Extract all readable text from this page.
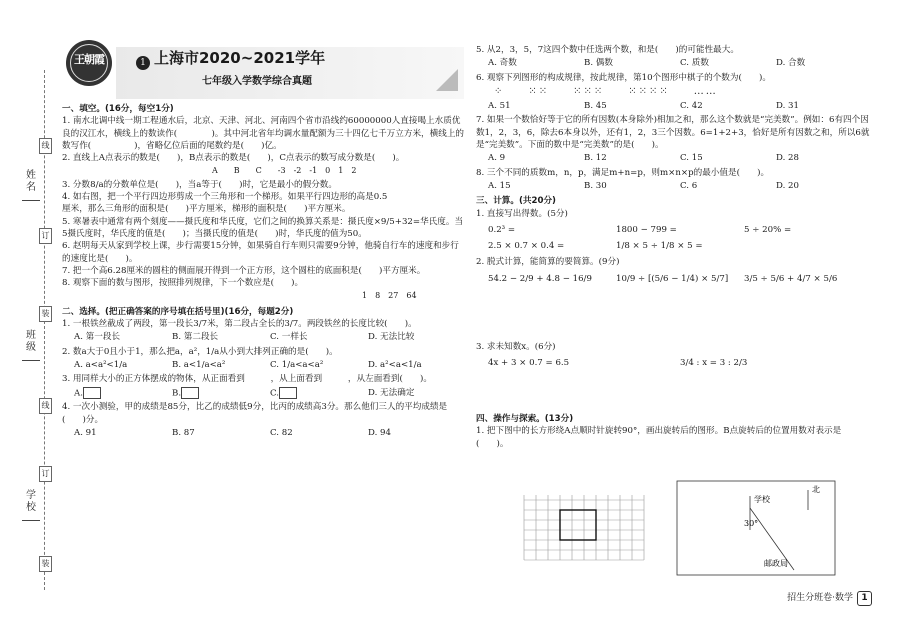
姓名
班级
学校
线
订
装
线
订
装
王朝霞	1 上海市2020~2021学年
七年级入学数学综合真题
一、填空。(16分，每空1分)

1. 南水北调中线一期工程通水后，北京、天津、河北、河南四个省市沿线约60000000人直接喝上水质优良的汉江水，横线上的数读作(　　　　)。其中河北省年均调水量配额为三十四亿七千万立方米，横线上的数写作(　　　　　)，省略亿位后面的尾数约是(　　)亿。

2. 直线上A点表示的数是(　　)，B点表示的数是(　　)，C点表示的数写成分数是(　　)。

A　　B　　C　　-3　-2　-1　0　1　2

3. 分数8/a的分数单位是(　　)，当a等于(　　)时，它是最小的假分数。

4. 如右图，把一个平行四边形剪成一个三角形和一个梯形。如果平行四边形的高是0.5厘米，那么三角形的面积是(　　)平方厘米，梯形的面积是(　　)平方厘米。

5. 寒暑表中通常有两个刻度——摄氏度和华氏度，它们之间的换算关系是：摄氏度×9/5+32=华氏度。当5摄氏度时，华氏度的值是(　　)；当摄氏度的值是(　　)时，华氏度的值为50。

6. 赵明每天从家到学校上课，步行需要15分钟，如果骑自行车则只需要9分钟，他骑自行车的速度和步行的速度比是(　　)。

7. 把一个高6.28厘米的圆柱的侧面展开得到一个正方形，这个圆柱的底面积是(　　)平方厘米。

8. 观察下面的数与图形，按照排列规律，下一个数应是(　　)。

1　8　27　64
二、选择。(把正确答案的序号填在括号里)(16分，每题2分)

1. 一根铁丝截成了两段，第一段长3/7米，第二段占全长的3/7。两段铁丝的长度比较(　　)。

A. 第一段长	B. 第二段长	C. 一样长	D. 无法比较

2. 数a大于0且小于1，那么把a，a²，1/a从小到大排列正确的是(　　)。

A. a<a²<1/a	B. a<1/a<a²	C. 1/a<a<a²	D. a²<a<1/a

3. 用同样大小的正方体摆成的物体，从正面看到　　　，从上面看到　　　，从左面看到(　　)。

A.	B.	C.	D. 无法确定

4. 一次小测验，甲的成绩是85分，比乙的成绩低9分，比丙的成绩高3分。那么他们三人的平均成绩是(　　)分。

A. 91	B. 87	C. 82	D. 94

5. 从2，3，5，7这四个数中任选两个数，和是(　　)的可能性最大。

A. 奇数	B. 偶数	C. 质数	D. 合数

6. 观察下列图形的构成规律，按此规律，第10个图形中棋子的个数为(　　)。

⁘　　⁙⁙　　⁙⁙⁙　　⁙⁙⁙⁙　　……
A. 51	B. 45	C. 42	D. 31

7. 如果一个数恰好等于它的所有因数(本身除外)相加之和，那么这个数就是“完美数”。例如：6有四个因数1，2，3，6，除去6本身以外，还有1，2，3三个因数。6=1+2+3，恰好是所有因数之和，所以6就是“完美数”。下面的数中是“完美数”的是(　　)。

A. 9	B. 12	C. 15	D. 28

8. 三个不同的质数m，n，p，满足m+n=p，则m×n×p的最小值是(　　)。

A. 15	B. 30	C. 6	D. 20
三、计算。(共20分)

1. 直接写出得数。(5分)

0.2³ =	1800 − 799 =	5 ÷ 20% =
2.5 × 0.7 × 0.4 =	1/8 × 5 ÷ 1/8 × 5 =

2. 脱式计算，能简算的要简算。(9分)

54.2 − 2/9 + 4.8 − 16/9	10/9 ÷ [(5/6 − 1/4) × 5/7]	3/5 ÷ 5/6 + 4/7 × 5/6

3. 求未知数x。(6分)

4x + 3 × 0.7 = 6.5	3/4 : x = 3 : 2/3
四、操作与探索。(13分)

1. 把下图中的长方形绕A点顺时针旋转90°，画出旋转后的图形。B点旋转后的位置用数对表示是(　　)。

北
学校
30°
邮政局
招生分班卷·数学 1
